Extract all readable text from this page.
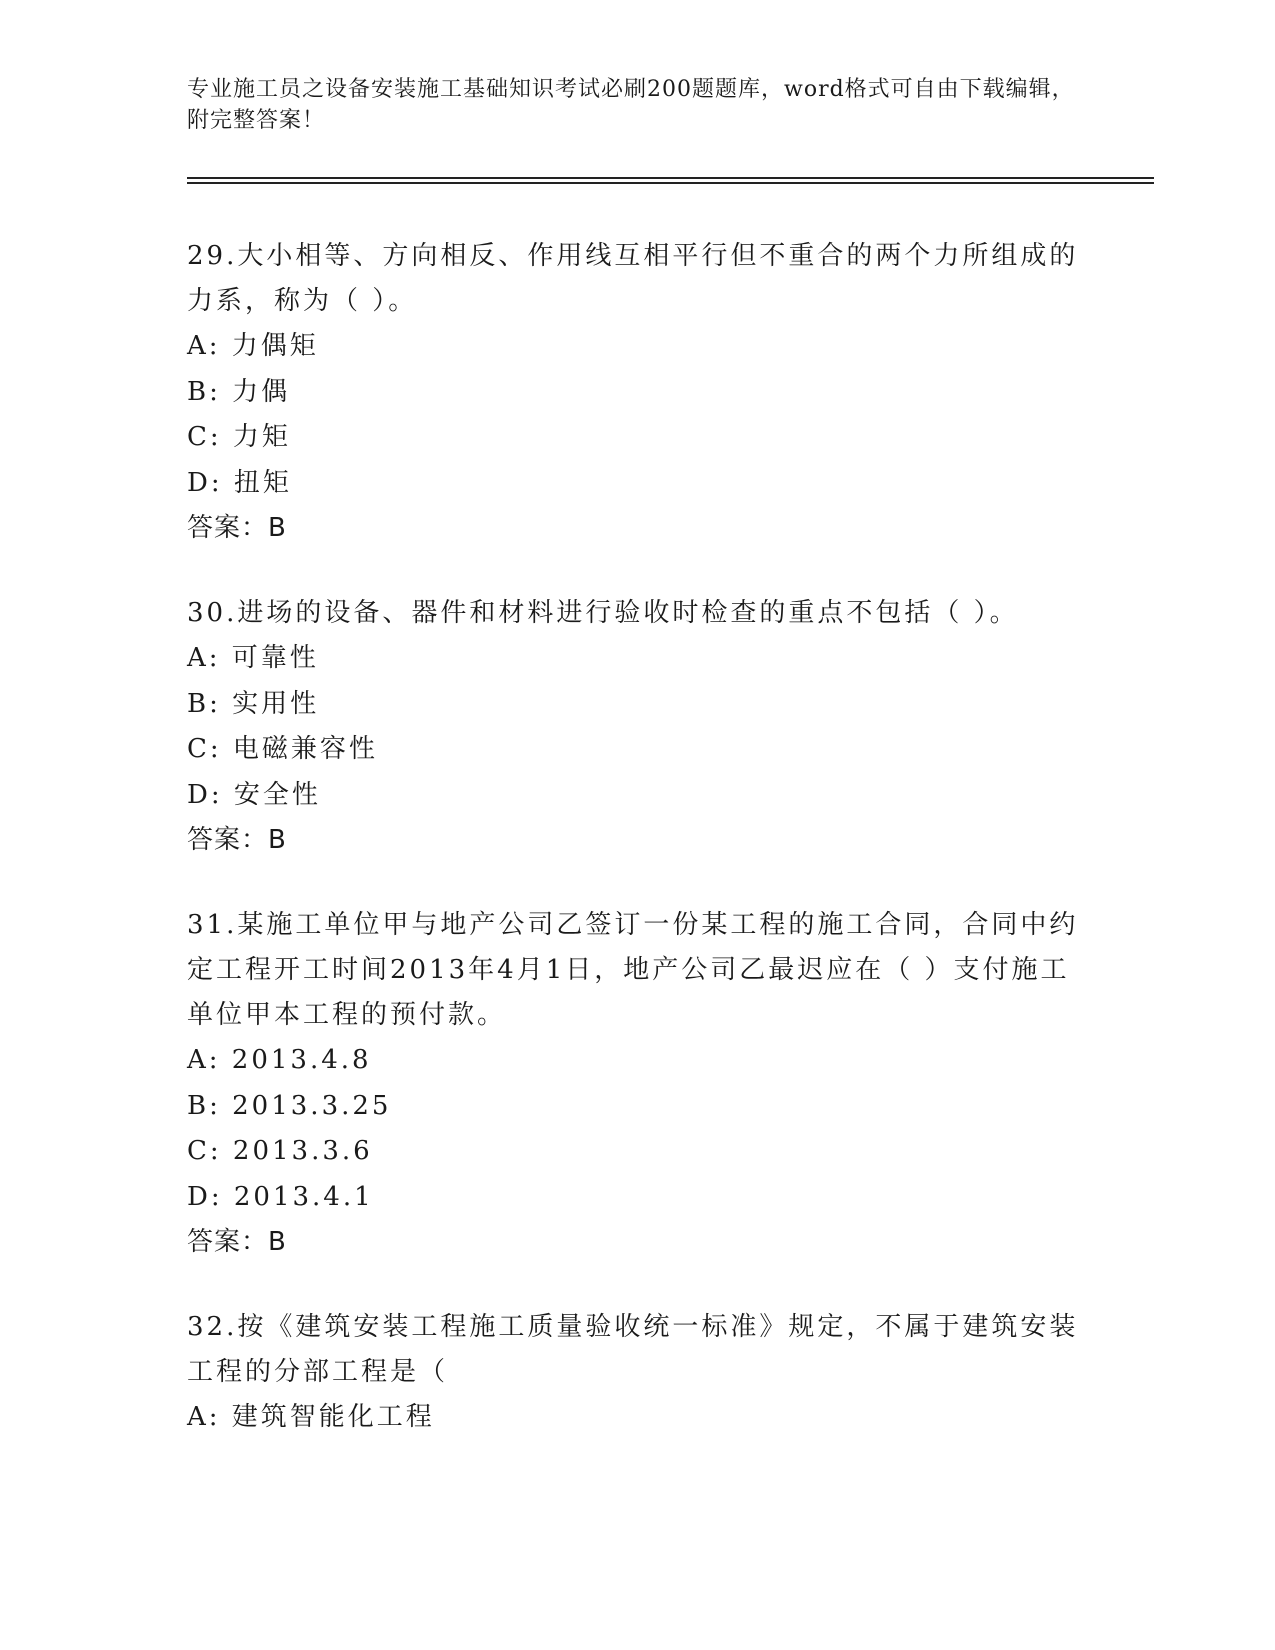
专业施工员之设备安装施工基础知识考试必刷200题题库，word格式可自由下载编辑，附完整答案！
29.大小相等、方向相反、作用线互相平行但不重合的两个力所组成的力系，称为（ ）。
A: 力偶矩
B: 力偶
C: 力矩
D: 扭矩
答案：B
30.进场的设备、器件和材料进行验收时检查的重点不包括（ ）。
A: 可靠性
B: 实用性
C: 电磁兼容性
D: 安全性
答案：B
31.某施工单位甲与地产公司乙签订一份某工程的施工合同，合同中约定工程开工时间2013年4月1日，地产公司乙最迟应在（ ）支付施工单位甲本工程的预付款。
A: 2013.4.8
B: 2013.3.25
C: 2013.3.6
D: 2013.4.1
答案：B
32.按《建筑安装工程施工质量验收统一标准》规定，不属于建筑安装工程的分部工程是（
A: 建筑智能化工程
